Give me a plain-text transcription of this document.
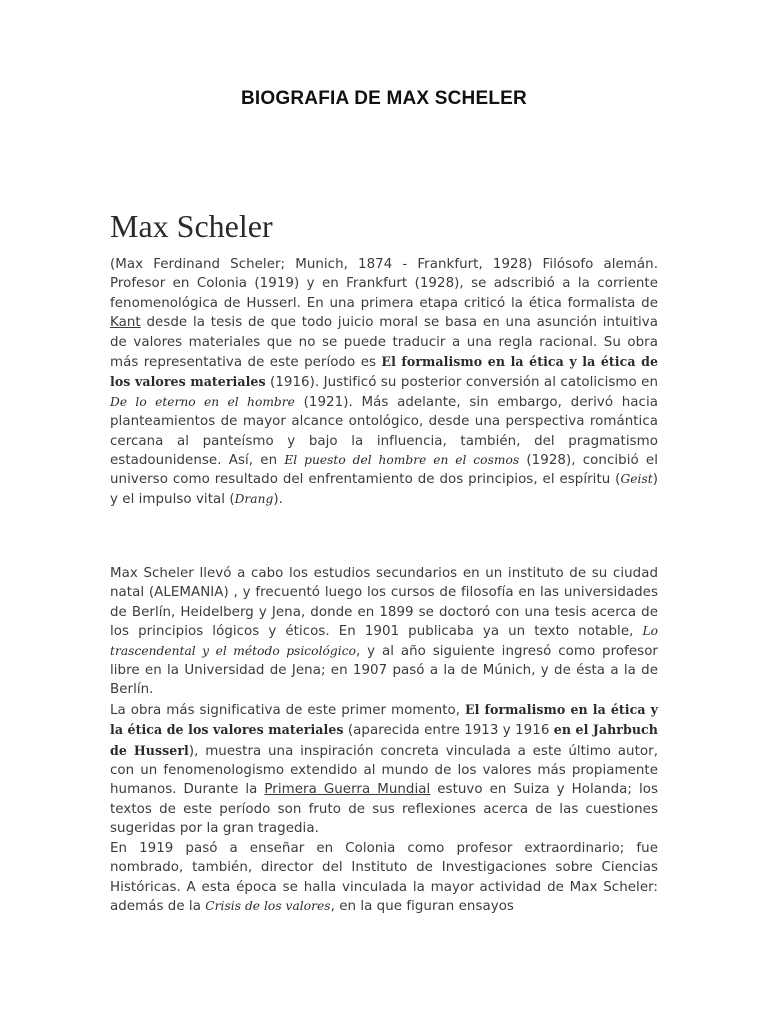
BIOGRAFIA DE MAX SCHELER
Max Scheler
(Max Ferdinand Scheler; Munich, 1874 - Frankfurt, 1928) Filósofo alemán. Profesor en Colonia (1919) y en Frankfurt (1928), se adscribió a la corriente fenomenológica de Husserl. En una primera etapa criticó la ética formalista de Kant desde la tesis de que todo juicio moral se basa en una asunción intuitiva de valores materiales que no se puede traducir a una regla racional. Su obra más representativa de este período es El formalismo en la ética y la ética de los valores materiales (1916). Justificó su posterior conversión al catolicismo en De lo eterno en el hombre (1921). Más adelante, sin embargo, derivó hacia planteamientos de mayor alcance ontológico, desde una perspectiva romántica cercana al panteísmo y bajo la influencia, también, del pragmatismo estadounidense. Así, en El puesto del hombre en el cosmos (1928), concibió el universo como resultado del enfrentamiento de dos principios, el espíritu (Geist) y el impulso vital (Drang).
Max Scheler llevó a cabo los estudios secundarios en un instituto de su ciudad natal (ALEMANIA) , y frecuentó luego los cursos de filosofía en las universidades de Berlín, Heidelberg y Jena, donde en 1899 se doctoró con una tesis acerca de los principios lógicos y éticos. En 1901 publicaba ya un texto notable, Lo trascendental y el método psicológico, y al año siguiente ingresó como profesor libre en la Universidad de Jena; en 1907 pasó a la de Múnich, y de ésta a la de Berlín.
La obra más significativa de este primer momento, El formalismo en la ética y la ética de los valores materiales (aparecida entre 1913 y 1916 en el Jahrbuch de Husserl), muestra una inspiración concreta vinculada a este último autor, con un fenomenologismo extendido al mundo de los valores más propiamente humanos. Durante la Primera Guerra Mundial estuvo en Suiza y Holanda; los textos de este período son fruto de sus reflexiones acerca de las cuestiones sugeridas por la gran tragedia.
En 1919 pasó a enseñar en Colonia como profesor extraordinario; fue nombrado, también, director del Instituto de Investigaciones sobre Ciencias Históricas. A esta época se halla vinculada la mayor actividad de Max Scheler: además de la Crisis de los valores, en la que figuran ensayos
